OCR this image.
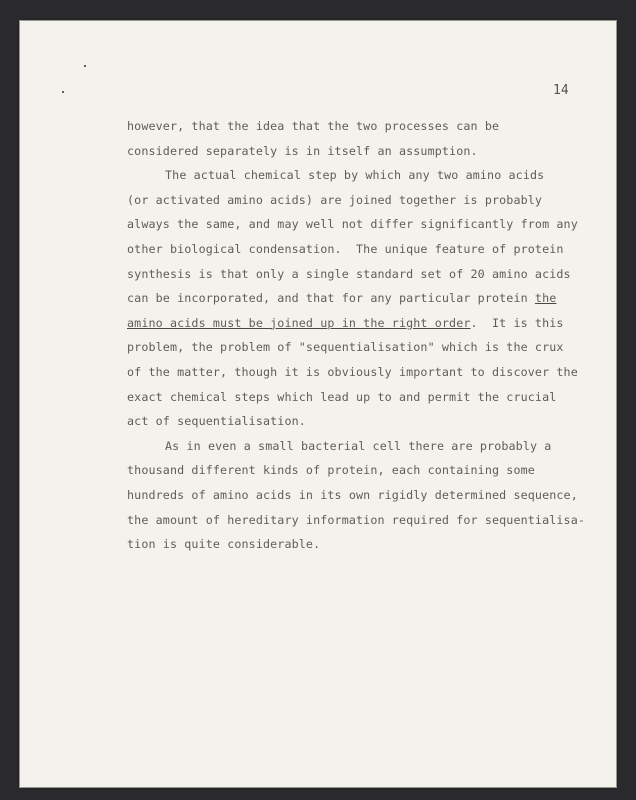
14

however, that the idea that the two processes can be
considered separately is in itself an assumption.
The actual chemical step by which any two amino acids
(or activated amino acids) are joined together is probably
always the same, and may well not differ significantly from any
other biological condensation.  The unique feature of protein
synthesis is that only a single standard set of 20 amino acids
can be incorporated, and that for any particular protein the
amino acids must be joined up in the right order.  It is this
problem, the problem of "sequentialisation" which is the crux
of the matter, though it is obviously important to discover the
exact chemical steps which lead up to and permit the crucial
act of sequentialisation.
As in even a small bacterial cell there are probably a
thousand different kinds of protein, each containing some
hundreds of amino acids in its own rigidly determined sequence,
the amount of hereditary information required for sequentialisa-
tion is quite considerable.
